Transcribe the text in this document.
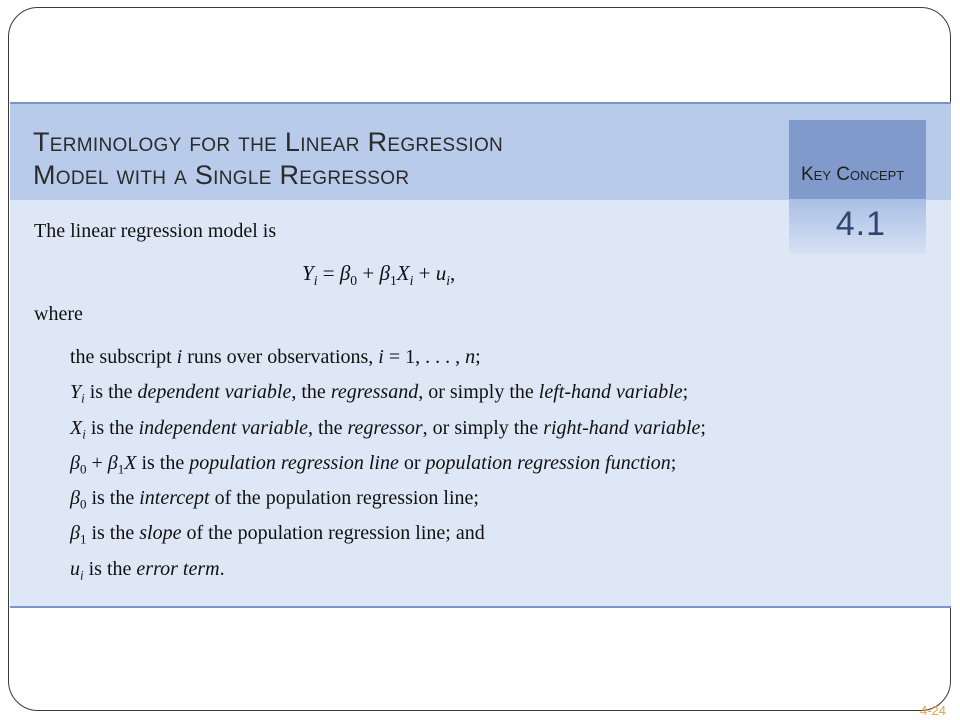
Terminology for the Linear Regression
Model with a Single Regressor	Key Concept
4.1

The linear regression model is

$Y_i = \beta_0 + \beta_1X_i + u_i$,

where

the subscript i runs over observations, i = 1, . . . , n;
$Y_i$ is the dependent variable, the regressand, or simply the left-hand variable;
$X_i$ is the independent variable, the regressor, or simply the right-hand variable;
$\beta_0 + \beta_1X$ is the population regression line or population regression function;
$\beta_0$ is the intercept of the population regression line;
$\beta_1$ is the slope of the population regression line; and
$u_i$ is the error term.
4-24
